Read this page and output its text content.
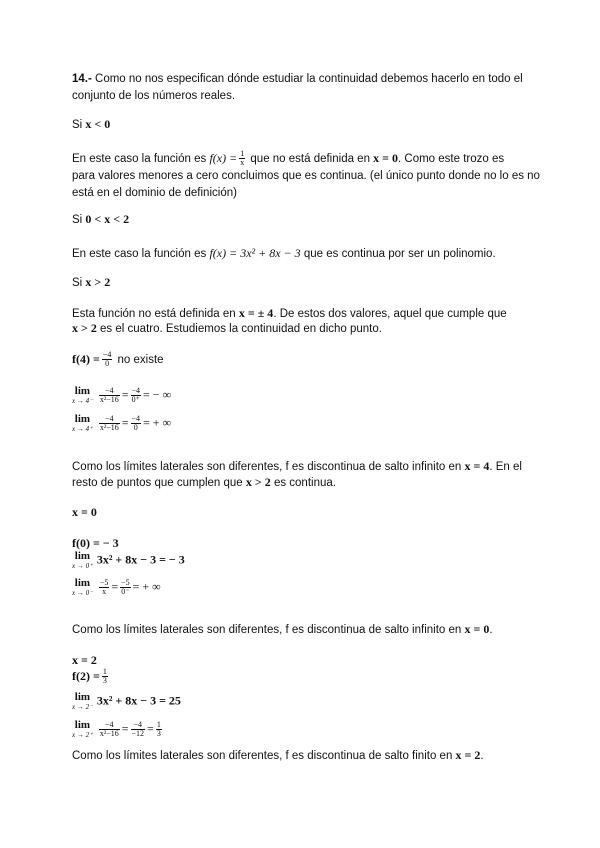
14.- Como no nos especifican dónde estudiar la continuidad debemos hacerlo en todo el
conjunto de los números reales.
Si x < 0
En este caso la función es $f(x) = \frac{1}{x}$ que no está definida en x = 0. Como este trozo es
para valores menores a cero concluimos que es continua. (el único punto donde no lo es no
está en el dominio de definición)
Si 0 < x < 2
En este caso la función es f(x) = 3x² + 8x − 3 que es continua por ser un polinomio.
Si x > 2
Esta función no está definida en x = ± 4. De estos dos valores, aquel que cumple que
x > 2 es el cuatro. Estudiemos la continuidad en dicho punto.
$f(4) = \frac{-4}{0}$ no existe
lim
$x \to 4^- \frac{-4}{\text{x²−16}} = \frac{-4}{0^+}$ = − ∞
lim
$x \to 4^+ \frac{-4}{\text{x²−16}} = \frac{-4}{0}$ = + ∞
Como los límites laterales son diferentes, f es discontinua de salto infinito en x = 4. En el
resto de puntos que cumplen que x > 2 es continua.
x = 0
f(0) = − 3
lim
x → 0⁺ 3x² + 8x − 3 = − 3
lim
$x \to 0^- \frac{-5}{x} = \frac{-5}{0^-}$ = + ∞
Como los límites laterales son diferentes, f es discontinua de salto infinito en x = 0.
x = 2
$f(2) = \frac{1}{3}$
lim
x → 2⁻ 3x² + 8x − 3 = 25
lim
$x \to 2^+ \frac{-4}{\text{x²−16}} = \frac{-4}{-12} = \frac{1}{3}$
Como los límites laterales son diferentes, f es discontinua de salto finito en x = 2.
